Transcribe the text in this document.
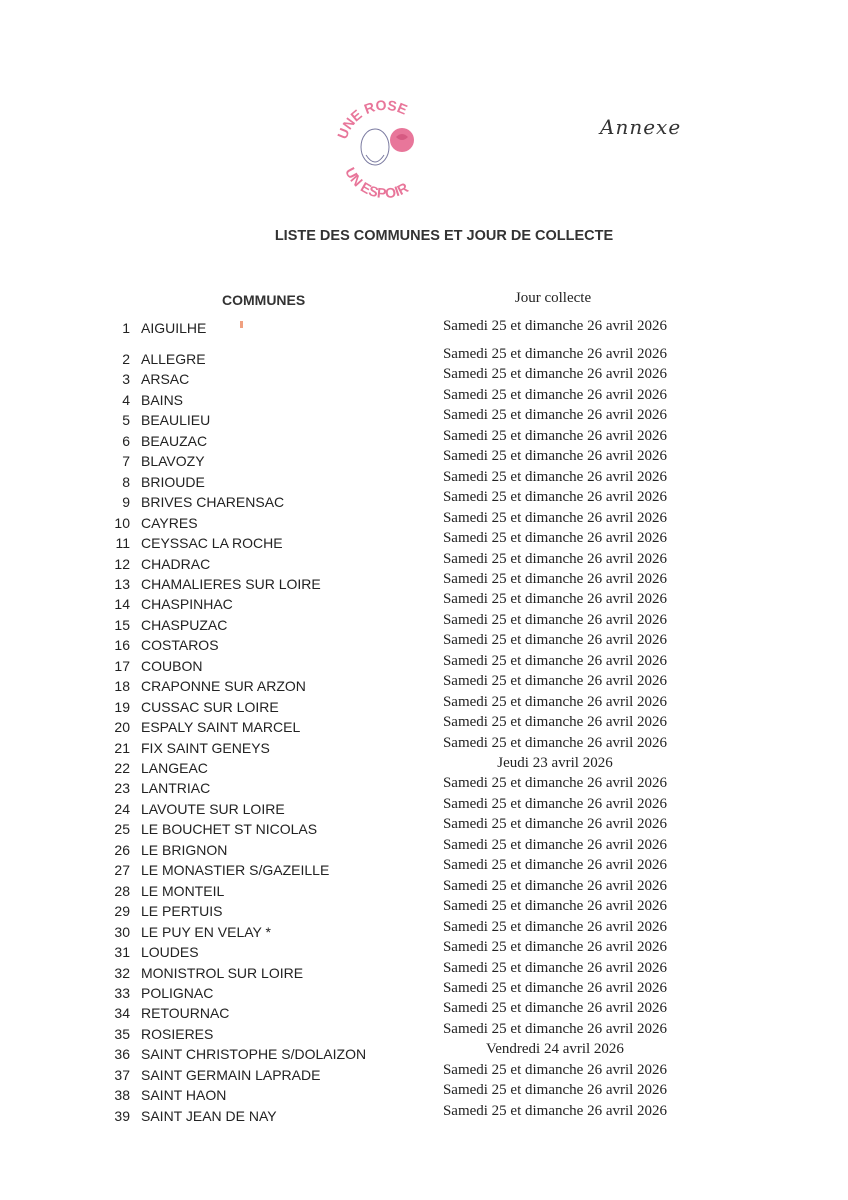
UNE ROSE
UN ESPOIR
Annexe
LISTE DES COMMUNES ET JOUR DE COLLECTE
COMMUNES	Jour collecte
1 AIGUILHE	Samedi 25 et dimanche 26 avril 2026
2 ALLEGRE	Samedi 25 et dimanche 26 avril 2026
3 ARSAC	Samedi 25 et dimanche 26 avril 2026
4 BAINS	Samedi 25 et dimanche 26 avril 2026
5 BEAULIEU	Samedi 25 et dimanche 26 avril 2026
6 BEAUZAC	Samedi 25 et dimanche 26 avril 2026
7 BLAVOZY	Samedi 25 et dimanche 26 avril 2026
8 BRIOUDE	Samedi 25 et dimanche 26 avril 2026
9 BRIVES CHARENSAC	Samedi 25 et dimanche 26 avril 2026
10 CAYRES	Samedi 25 et dimanche 26 avril 2026
11 CEYSSAC LA ROCHE	Samedi 25 et dimanche 26 avril 2026
12 CHADRAC	Samedi 25 et dimanche 26 avril 2026
13 CHAMALIERES SUR LOIRE	Samedi 25 et dimanche 26 avril 2026
14 CHASPINHAC	Samedi 25 et dimanche 26 avril 2026
15 CHASPUZAC	Samedi 25 et dimanche 26 avril 2026
16 COSTAROS	Samedi 25 et dimanche 26 avril 2026
17 COUBON	Samedi 25 et dimanche 26 avril 2026
18 CRAPONNE SUR ARZON	Samedi 25 et dimanche 26 avril 2026
19 CUSSAC SUR LOIRE	Samedi 25 et dimanche 26 avril 2026
20 ESPALY SAINT MARCEL	Samedi 25 et dimanche 26 avril 2026
21 FIX SAINT GENEYS	Samedi 25 et dimanche 26 avril 2026
22 LANGEAC	Jeudi 23 avril 2026
23 LANTRIAC	Samedi 25 et dimanche 26 avril 2026
24 LAVOUTE SUR LOIRE	Samedi 25 et dimanche 26 avril 2026
25 LE BOUCHET ST NICOLAS	Samedi 25 et dimanche 26 avril 2026
26 LE BRIGNON	Samedi 25 et dimanche 26 avril 2026
27 LE MONASTIER S/GAZEILLE	Samedi 25 et dimanche 26 avril 2026
28 LE MONTEIL	Samedi 25 et dimanche 26 avril 2026
29 LE PERTUIS	Samedi 25 et dimanche 26 avril 2026
30 LE PUY EN VELAY *	Samedi 25 et dimanche 26 avril 2026
31 LOUDES	Samedi 25 et dimanche 26 avril 2026
32 MONISTROL SUR LOIRE	Samedi 25 et dimanche 26 avril 2026
33 POLIGNAC	Samedi 25 et dimanche 26 avril 2026
34 RETOURNAC	Samedi 25 et dimanche 26 avril 2026
35 ROSIERES	Samedi 25 et dimanche 26 avril 2026
36 SAINT CHRISTOPHE S/DOLAIZON	Vendredi 24 avril 2026
37 SAINT GERMAIN LAPRADE	Samedi 25 et dimanche 26 avril 2026
38 SAINT HAON	Samedi 25 et dimanche 26 avril 2026
39 SAINT JEAN DE NAY	Samedi 25 et dimanche 26 avril 2026
